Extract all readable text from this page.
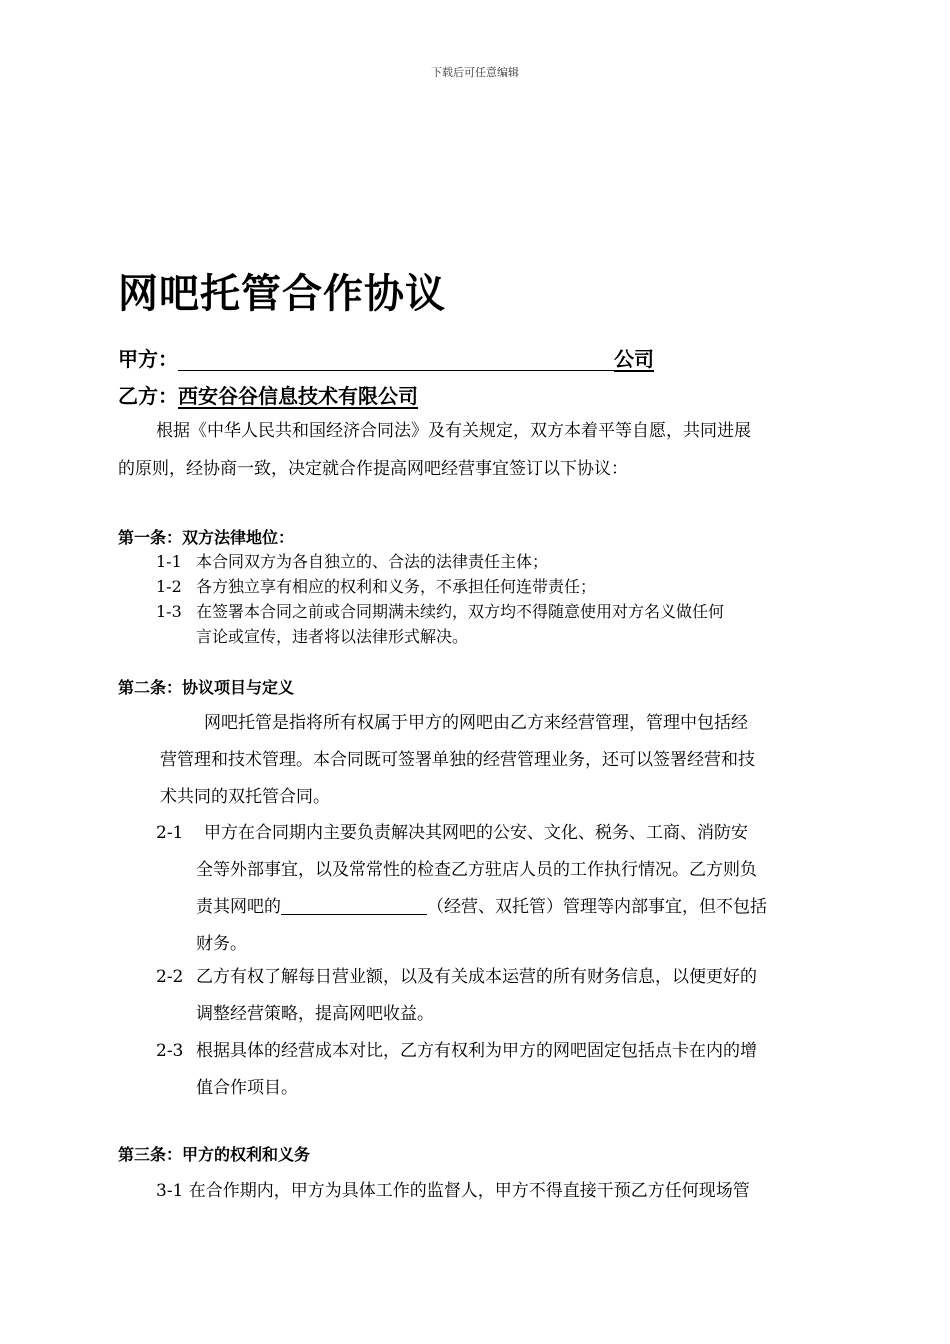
下载后可任意编辑
网吧托管合作协议
甲方：	公司
乙方：西安谷谷信息技术有限公司
根据《中华人民共和国经济合同法》及有关规定，双方本着平等自愿，共同进展
的原则，经协商一致，决定就合作提高网吧经营事宜签订以下协议：
第一条：双方法律地位：
1-1 本合同双方为各自独立的、合法的法律责任主体；
1-2 各方独立享有相应的权利和义务，不承担任何连带责任；
1-3 在签署本合同之前或合同期满未续约，双方均不得随意使用对方名义做任何
言论或宣传，违者将以法律形式解决。
第二条：协议项目与定义
网吧托管是指将所有权属于甲方的网吧由乙方来经营管理，管理中包括经
营管理和技术管理。本合同既可签署单独的经营管理业务，还可以签署经营和技
术共同的双托管合同。
2-1 甲方在合同期内主要负责解决其网吧的公安、文化、税务、工商、消防安
全等外部事宜，以及常常性的检查乙方驻店人员的工作执行情况。乙方则负
责其网吧的	（经营、双托管）管理等内部事宜，但不包括
财务。
2-2 乙方有权了解每日营业额，以及有关成本运营的所有财务信息，以便更好的
调整经营策略，提高网吧收益。
2-3 根据具体的经营成本对比，乙方有权利为甲方的网吧固定包括点卡在内的增
值合作项目。
第三条：甲方的权利和义务
3-1 在合作期内，甲方为具体工作的监督人，甲方不得直接干预乙方任何现场管
